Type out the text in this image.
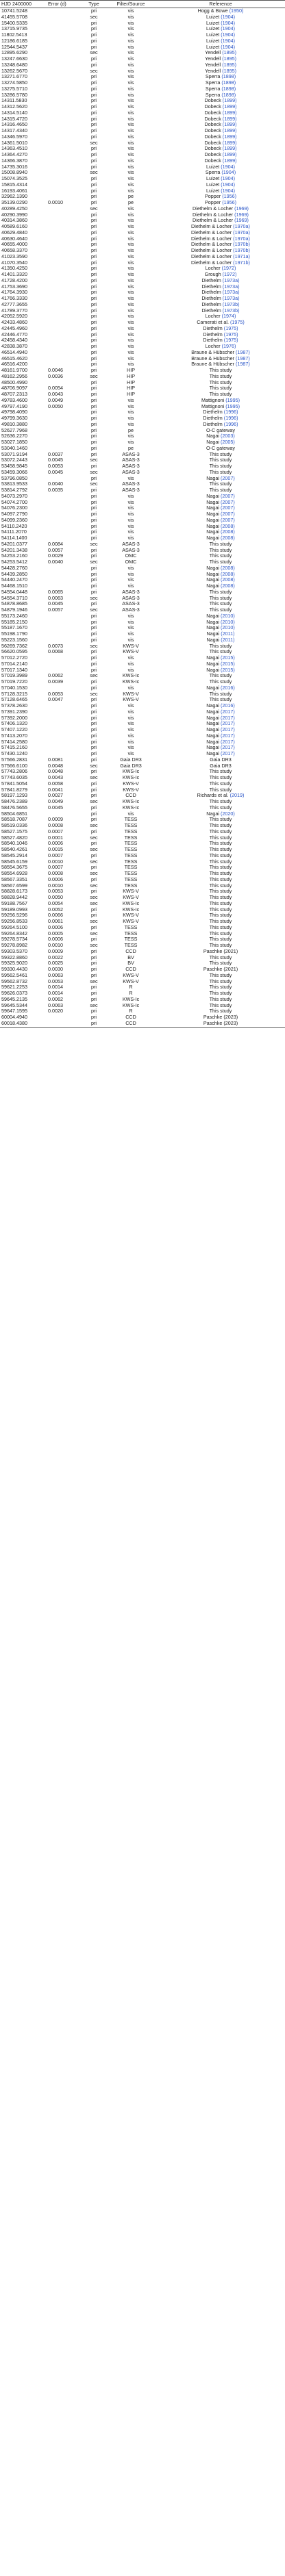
HJD 2400000	Error (d)	Type	Filter/Source	Reference
10741.5248		pri	vis	Hogg & Bowe (1950)
41455.5708		sec	vis	Luizet (1904)
15400.5335		pri	vis	Luizet (1904)
13715.9735		pri	vis	Luizet (1904)
11802.5413		pri	vis	Luizet (1904)
12186.6185		pri	vis	Luizet (1904)
12544.5437		pri	vis	Luizet (1904)
12895.6290		sec	vis	Yendell (1895)
13247.6630		pri	vis	Yendell (1895)
13248.6480		pri	vis	Yendell (1895)
13262.5670		sec	vis	Yendell (1895)
13271.6770		pri	vis	Sperra (1898)
13274.5850		pri	vis	Sperra (1898)
13275.5710		pri	vis	Sperra (1898)
13286.5780		pri	vis	Sperra (1898)
14311.5830		pri	vis	Dobeck (1899)
14312.5620		pri	vis	Dobeck (1899)
14314.5140		pri	vis	Dobeck (1899)
14315.4720		pri	vis	Dobeck (1899)
14316.4650		pri	vis	Dobeck (1899)
14317.4340		pri	vis	Dobeck (1899)
14346.5970		pri	vis	Dobeck (1899)
14361.5010		sec	vis	Dobeck (1899)
14363.4510		pri	vis	Dobeck (1899)
14364.4270		pri	vis	Dobeck (1899)
14366.3870		pri	vis	Dobeck (1899)
14735.3016		pri	vis	Luizet (1904)
15008.8940		sec	vis	Sperra (1904)
15074.3525		pri	vis	Luizet (1904)
15815.4314		pri	vis	Luizet (1904)
16193.4061		pri	vis	Luizet (1904)
32962.1390		pri	pe	Popper (1956)
35139.0290	0.0010	pri	pe	Popper (1956)
40289.4250		sec	vis	Diethelm & Locher (1969)
40290.3990		pri	vis	Diethelm & Locher (1969)
40314.3860		pri	vis	Diethelm & Locher (1969)
40589.6160		pri	vis	Diethelm & Locher (1970a)
40629.4840		pri	vis	Diethelm & Locher (1970a)
40630.4640		pri	vis	Diethelm & Locher (1970a)
40655.4000		pri	vis	Diethelm & Locher (1970b)
40658.3370		pri	vis	Diethelm & Locher (1970b)
41023.3590		pri	vis	Diethelm & Locher (1971a)
41070.3540		pri	vis	Diethelm & Locher (1971b)
41350.4250		pri	vis	Locher (1972)
41401.3320		pri	vis	Grough (1972)
41728.4200		pri	vis	Diethelm (1973a)
41753.3690		pri	vis	Diethelm (1973a)
41764.3930		pri	vis	Diethelm (1973a)
41766.3330		pri	vis	Diethelm (1973a)
42777.3655		pri	vis	Diethelm (1973b)
41789.3770		pri	vis	Diethelm (1973b)
42052.5920		pri	vis	Locher (1974)
42433.4860		pri	vis	Camerati et al. (1975)
42445.4960		pri	vis	Diethelm (1975)
42446.4770		pri	vis	Diethelm (1975)
42458.4340		pri	vis	Diethelm (1975)
42838.3870		pri	vis	Locher (1976)
46514.4940		pri	vis	Braune & Hübscher (1987)
46515.4620		pri	vis	Braune & Hübscher (1987)
46516.4200		pri	vis	Braune & Hübscher (1987)
48161.9700	0.0046	pri	HIP	This study
48162.2956	0.0036	sec	HIP	This study
48500.4990		pri	HIP	This study
48706.9097	0.0054	pri	HIP	This study
48707.2313	0.0043	pri	HIP	This study
49783.4600	0.0049	pri	vis	Mattignoni (1995)
49797.4190	0.0050	pri	vis	Mattignoni (1995)
49798.4090		pri	vis	Diethelm (1996)
49799.3630		pri	vis	Diethelm (1996)
49810.3880		pri	vis	Diethelm (1996)
52627.7968		pri	pe	O-C gateway
52636.2270		pri	vis	Nagai (2003)
53027.1850		pri	vis	Nagai (2005)
53040.1460		pri	pe	O-C gateway
53071.9194	0.0037	pri	ASAS-3	This study
53072.2443	0.0045	sec	ASAS-3	This study
53458.9845	0.0053	pri	ASAS-3	This study
53459.3066	0.0045	sec	ASAS-3	This study
53796.0850		pri	vis	Nagai (2007)
53813.9533	0.0040	sec	ASAS-3	This study
53814.2792	0.0035	pri	ASAS-3	This study
54073.2970		pri	vis	Nagai (2007)
54074.2700		pri	vis	Nagai (2007)
54076.2300		pri	vis	Nagai (2007)
54097.2790		pri	vis	Nagai (2007)
54099.2360		pri	vis	Nagai (2007)
54110.2420		pri	vis	Nagai (2008)
54111.2070		pri	vis	Nagai (2008)
54114.1400		pri	vis	Nagai (2008)
54201.0377	0.0084	sec	ASAS-3	This study
54201.3438	0.0057	pri	ASAS-3	This study
54253.2160	0.0029	pri	OMC	This study
54253.5412	0.0040	sec	OMC	This study
54428.2760		pri	vis	Nagai (2008)
54439.2850		pri	vis	Nagai (2008)
54440.2470		pri	vis	Nagai (2008)
54468.1510		pri	vis	Nagai (2008)
54554.0448	0.0065	pri	ASAS-3	This study
54554.3710	0.0063	sec	ASAS-3	This study
54878.8685	0.0045	pri	ASAS-3	This study
54879.1946	0.0057	sec	ASAS-3	This study
55173.2460		pri	vis	Nagai (2010)
55185.2150		pri	vis	Nagai (2010)
55187.1670		pri	vis	Nagai (2010)
55198.1790		pri	vis	Nagai (2011)
55223.1560		pri	vis	Nagai (2011)
56269.7362	0.0073	sec	KWS-V	This study
56620.0595	0.0068	pri	KWS-V	This study
57012.2720		pri	vis	Nagai (2015)
57014.2140		pri	vis	Nagai (2015)
57017.1340		pri	vis	Nagai (2015)
57019.3989	0.0062	sec	KWS-Ic	This study
57019.7220	0.0039	pri	KWS-Ic	This study
57040.1530		pri	vis	Nagai (2016)
57128.3215	0.0053	sec	KWS-V	This study
57128.6465	0.0047	pri	KWS-V	This study
57378.2630		pri	vis	Nagai (2016)
57391.2390		pri	vis	Nagai (2017)
57392.2000		pri	vis	Nagai (2017)
57406.1320		pri	vis	Nagai (2017)
57407.1220		pri	vis	Nagai (2017)
57413.2070		pri	vis	Nagai (2017)
57414.2580		pri	vis	Nagai (2017)
57415.2160		pri	vis	Nagai (2017)
57430.1240		pri	vis	Nagai (2017)
57566.2831	0.0081	pri	Gaia DR3	Gaia DR3
57566.6100	0.0048	sec	Gaia DR3	Gaia DR3
57743.2806	0.0048	pri	KWS-Ic	This study
57743.6035	0.0043	sec	KWS-Ic	This study
57841.5054	0.0058	pri	KWS-V	This study
57841.8279	0.0041	pri	KWS-V	This study
58197.1293	0.0027	pri	CCD	Richards et al. (2019)
58476.2389	0.0049	sec	KWS-Ic	This study
58476.5655	0.0045	pri	KWS-Ic	This study
58504.6851		pri	vis	Nagai (2020)
58518.7087	0.0009	pri	TESS	This study
58519.0336	0.0008	sec	TESS	This study
58527.1575	0.0007	pri	TESS	This study
58527.4820	0.0001	sec	TESS	This study
58540.1046	0.0006	pri	TESS	This study
58540.4261	0.0015	sec	TESS	This study
58545.2914	0.0007	pri	TESS	This study
58545.6159	0.0010	sec	TESS	This study
58554.3675	0.0007	pri	TESS	This study
58554.6928	0.0008	sec	TESS	This study
58567.3351	0.0006	pri	TESS	This study
58567.6599	0.0010	sec	TESS	This study
58828.6173	0.0053	pri	KWS-V	This study
58828.9442	0.0050	sec	KWS-V	This study
59188.7567	0.0054	sec	KWS-Ic	This study
59189.0993	0.0052	pri	KWS-Ic	This study
59256.5296	0.0066	pri	KWS-V	This study
59256.8533	0.0061	sec	KWS-V	This study
59264.5100	0.0006	pri	TESS	This study
59264.8342	0.0005	sec	TESS	This study
59278.5734	0.0006	pri	TESS	This study
59278.8982	0.0010	sec	TESS	This study
59303.5370	0.0009	pri	CCD	Paschke (2021)
59322.8860	0.0022	pri	BV	This study
59325.9020	0.0025	pri	BV	This study
59330.4430	0.0030	pri	CCD	Paschke (2021)
59562.5461	0.0063	pri	KWS-V	This study
59562.8732	0.0053	sec	KWS-V	This study
59621.2253	0.0014	pri	R	This study
59626.0373	0.0014	pri	R	This study
59645.2135	0.0062	pri	KWS-Ic	This study
59645.5344	0.0063	sec	KWS-Ic	This study
59647.1595	0.0020	pri	R	This study
60004.4940		pri	CCD	Paschke (2023)
60018.4380		pri	CCD	Paschke (2023)
